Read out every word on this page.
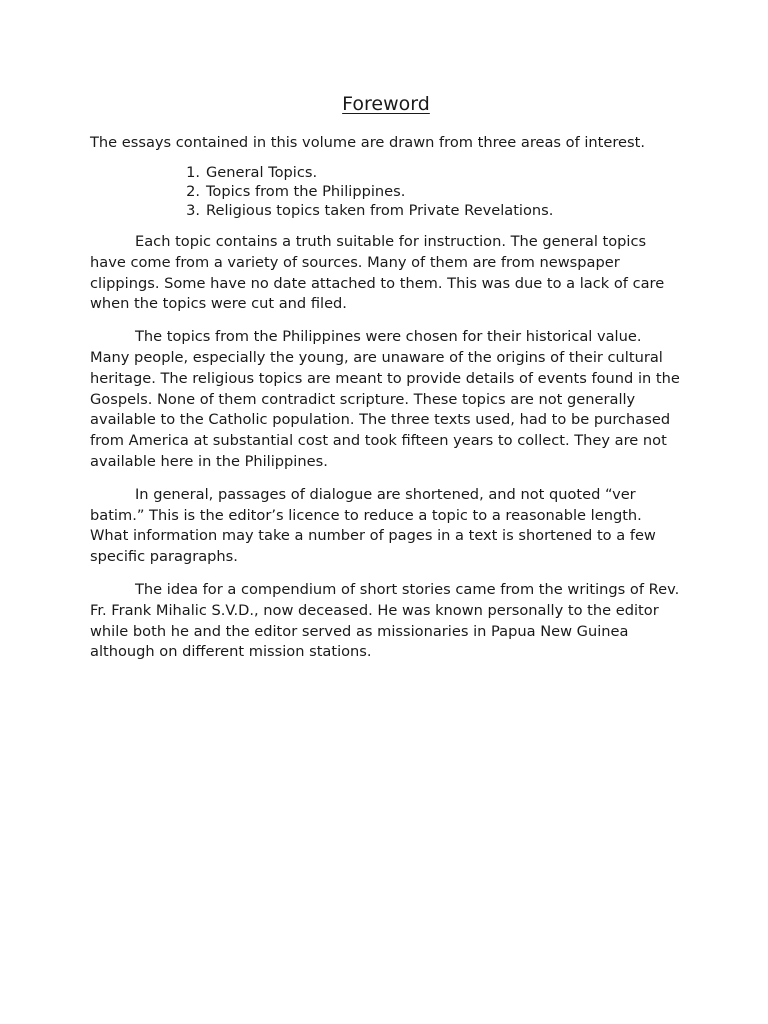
Foreword

The essays contained in this volume are drawn from three areas of interest.

1. General Topics.
2. Topics from the Philippines.
3. Religious topics taken from Private Revelations.

Each topic contains a truth suitable for instruction. The general topics have come from a variety of sources. Many of them are from newspaper clippings. Some have no date attached to them. This was due to a lack of care when the topics were cut and filed.

The topics from the Philippines were chosen for their historical value. Many people, especially the young, are unaware of the origins of their cultural heritage. The religious topics are meant to provide details of events found in the Gospels. None of them contradict scripture. These topics are not generally available to the Catholic population. The three texts used, had to be purchased from America at substantial cost and took fifteen years to collect. They are not available here in the Philippines.

In general, passages of dialogue are shortened, and not quoted “ver batim.” This is the editor’s licence to reduce a topic to a reasonable length. What information may take a number of pages in a text is shortened to a few specific paragraphs.

The idea for a compendium of short stories came from the writings of Rev. Fr. Frank Mihalic S.V.D., now deceased. He was known personally to the editor while both he and the editor served as missionaries in Papua New Guinea although on different mission stations.
